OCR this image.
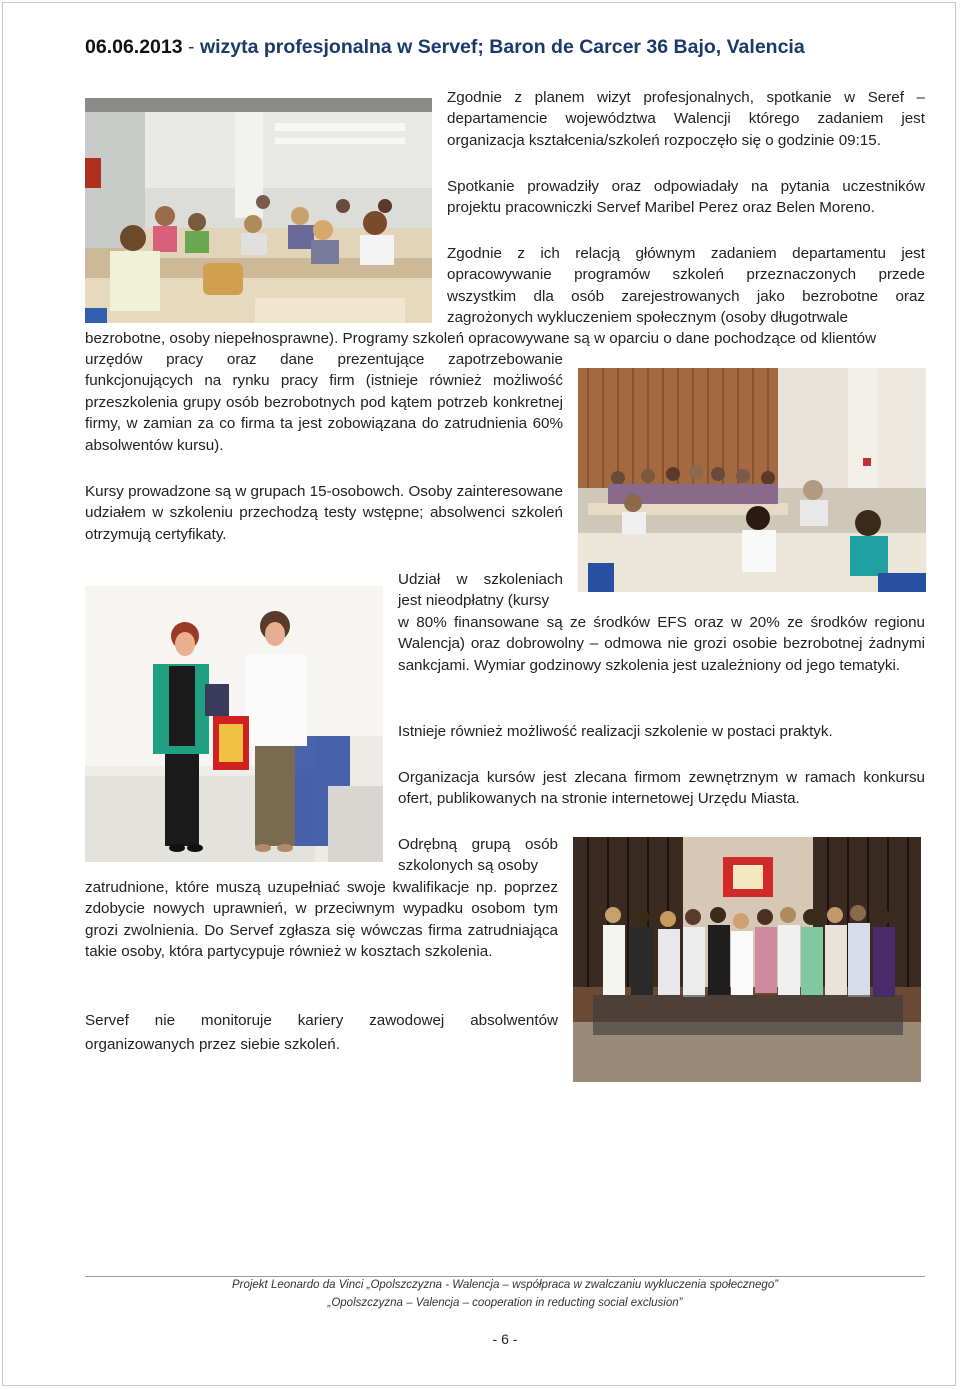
06.06.2013 - wizyta profesjonalna w Servef; Baron de Carcer 36 Bajo, Valencia

Zgodnie z planem wizyt profesjonalnych, spotkanie w Seref – departamencie województwa Walencji którego zadaniem jest organizacja kształcenia/szkoleń rozpoczęło się o godzinie 09:15.

Spotkanie prowadziły oraz odpowiadały na pytania uczestników projektu pracowniczki Servef Maribel Perez oraz Belen Moreno.

Zgodnie z ich relacją głównym zadaniem departamentu jest opracowywanie programów szkoleń przeznaczonych przede wszystkim dla osób zarejestrowanych jako bezrobotne oraz zagrożonych wykluczeniem społecznym (osoby długotrwale

bezrobotne, osoby niepełnosprawne). Programy szkoleń opracowywane są w oparciu o dane pochodzące od klientów

urzędów pracy oraz dane prezentujące zapotrzebowanie funkcjonujących na rynku pracy firm (istnieje również możliwość przeszkolenia grupy osób bezrobotnych pod kątem potrzeb konkretnej firmy, w zamian za co firma ta jest zobowiązana do zatrudnienia 60% absolwentów kursu).

Kursy prowadzone są w grupach 15-osobowch. Osoby zainteresowane udziałem w szkoleniu przechodzą testy wstępne; absolwenci szkoleń otrzymują certyfikaty.

Udział w szkoleniach jest nieodpłatny (kursy

w 80% finansowane są ze środków EFS oraz w 20% ze środków regionu Walencja) oraz dobrowolny – odmowa nie grozi osobie bezrobotnej żadnymi sankcjami. Wymiar godzinowy szkolenia jest uzależniony od jego tematyki.

Istnieje również możliwość realizacji szkolenie w postaci praktyk.

Organizacja kursów jest zlecana firmom zewnętrznym w ramach konkursu ofert, publikowanych na stronie internetowej Urzędu Miasta.

Odrębną grupą osób szkolonych są osoby

zatrudnione, które muszą uzupełniać swoje kwalifikacje np. poprzez zdobycie nowych uprawnień, w przeciwnym wypadku osobom tym grozi zwolnienia. Do Servef zgłasza się wówczas firma zatrudniająca takie osoby, która partycypuje również w kosztach szkolenia.

Servef nie monitoruje kariery zawodowej absolwentów organizowanych przez siebie szkoleń.

Projekt Leonardo da Vinci „Opolszczyzna - Walencja – współpraca w zwalczaniu wykluczenia społecznego”
„Opolszczyzna – Valencja – cooperation in reducting social exclusion”
- 6 -
